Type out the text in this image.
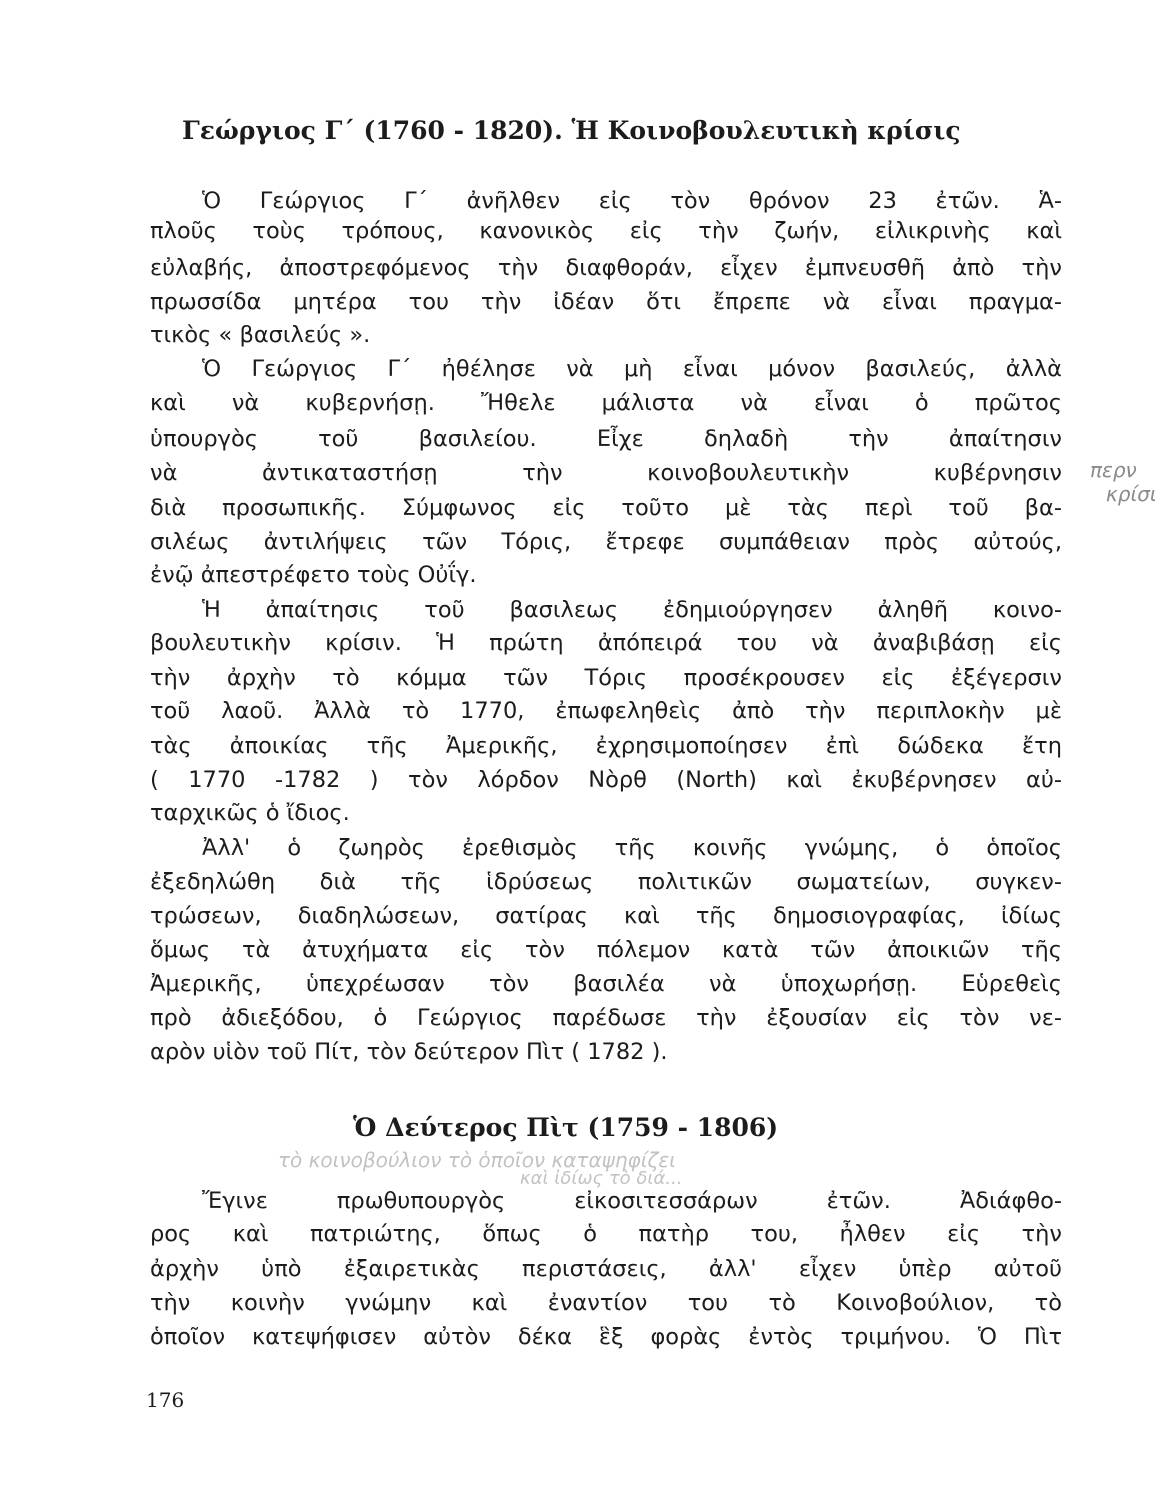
Γεώργιος Γ΄ (1760 - 1820). Ἡ Κοινοβουλευτικὴ κρίσις

Ὁ Γεώργιος Γ΄ ἀνῆλθεν εἰς τὸν θρόνον 23 ἐτῶν. Ἁ-

πλοῦς τοὺς τρόπους, κανονικὸς εἰς τὴν ζωήν, εἰλικρινὴς καὶ

εὐλαβής, ἀποστρεφόμενος τὴν διαφθοράν, εἶχεν ἐμπνευσθῆ ἀπὸ τὴν

πρωσσίδα μητέρα του τὴν ἰδέαν ὅτι ἔπρεπε νὰ εἶναι πραγμα-

τικὸς « βασιλεύς ».

Ὁ Γεώργιος Γ΄ ἠθέλησε νὰ μὴ εἶναι μόνον βασιλεύς, ἀλλὰ

καὶ νὰ κυβερνήσῃ. Ἤθελε μάλιστα νὰ εἶναι ὁ πρῶτος

ὑπουργὸς τοῦ βασιλείου. Εἶχε δηλαδὴ τὴν ἀπαίτησιν

νὰ ἀντικαταστήσῃ τὴν κοινοβουλευτικὴν κυβέρνησιν

διὰ προσωπικῆς. Σύμφωνος εἰς τοῦτο μὲ τὰς περὶ τοῦ βα-

σιλέως ἀντιλήψεις τῶν Τόρις, ἔτρεφε συμπάθειαν πρὸς αὐτούς,

ἐνῷ ἀπεστρέφετο τοὺς Οὐΐγ.

Ἡ ἀπαίτησις τοῦ βασιλεως ἐδημιούργησεν ἀληθῆ κοινο-

βουλευτικὴν κρίσιν. Ἡ πρώτη ἀπόπειρά του νὰ ἀναβιβάσῃ εἰς

τὴν ἀρχὴν τὸ κόμμα τῶν Τόρις προσέκρουσεν εἰς ἐξέγερσιν

τοῦ λαοῦ. Ἀλλὰ τὸ 1770, ἐπωφεληθεὶς ἀπὸ τὴν περιπλοκὴν μὲ

τὰς ἀποικίας τῆς Ἀμερικῆς, ἐχρησιμοποίησεν ἐπὶ δώδεκα ἔτη

( 1770 -1782 ) τὸν λόρδον Νὸρθ (North) καὶ ἐκυβέρνησεν αὐ-

ταρχικῶς ὁ ἴδιος.

Ἀλλ' ὁ ζωηρὸς ἐρεθισμὸς τῆς κοινῆς γνώμης, ὁ ὁποῖος

ἐξεδηλώθη διὰ τῆς ἱδρύσεως πολιτικῶν σωματείων, συγκεν-

τρώσεων, διαδηλώσεων, σατίρας καὶ τῆς δημοσιογραφίας, ἰδίως

ὅμως τὰ ἀτυχήματα εἰς τὸν πόλεμον κατὰ τῶν ἀποικιῶν τῆς

Ἀμερικῆς, ὑπεχρέωσαν τὸν βασιλέα νὰ ὑποχωρήσῃ. Εὑρεθεὶς

πρὸ ἀδιεξόδου, ὁ Γεώργιος παρέδωσε τὴν ἐξουσίαν εἰς τὸν νε-

αρὸν υἱὸν τοῦ Πίτ, τὸν δεύτερον Πὶτ ( 1782 ).

περν
κρίσι
Ὁ Δεύτερος Πὶτ (1759 - 1806)
τὸ κοινοβούλιον τὸ ὁποῖον καταψηφίζει
καὶ ἰδίως τὸ διά...

Ἔγινε πρωθυπουργὸς εἰκοσιτεσσάρων ἐτῶν. Ἀδιάφθο-

ρος καὶ πατριώτης, ὅπως ὁ πατὴρ του, ἦλθεν εἰς τὴν

ἀρχὴν ὑπὸ ἐξαιρετικὰς περιστάσεις, ἀλλ' εἶχεν ὑπὲρ αὐτοῦ

τὴν κοινὴν γνώμην καὶ ἐναντίον του τὸ Κοινοβούλιον, τὸ

ὁποῖον κατεψήφισεν αὐτὸν δέκα ἓξ φορὰς ἐντὸς τριμήνου. Ὁ Πὶτ

176
